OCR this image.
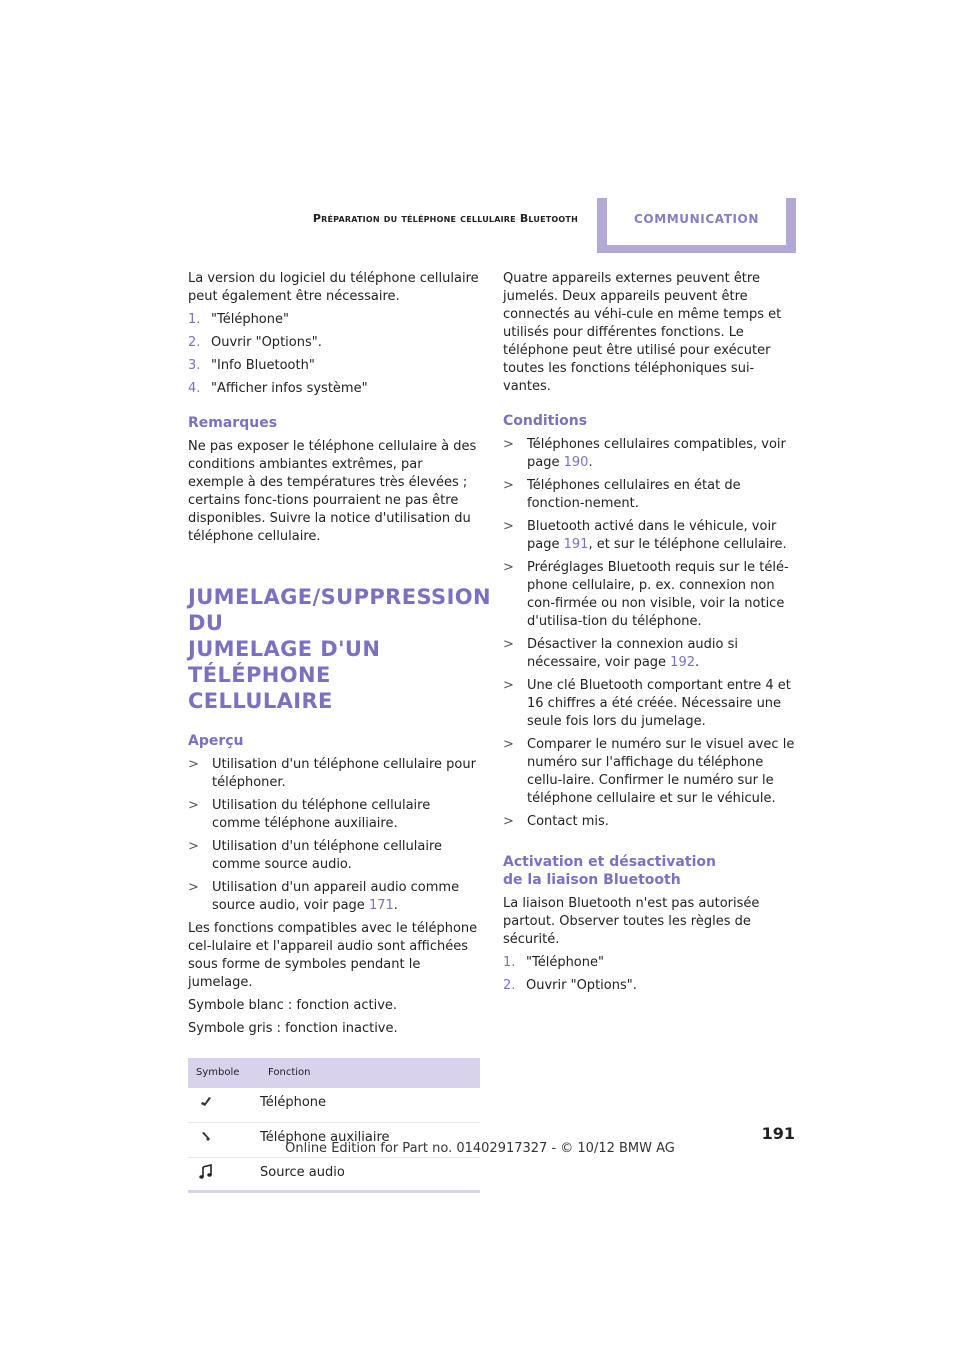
Préparation du téléphone cellulaire Bluetooth	COMMUNICATION

La version du logiciel du téléphone cellulaire peut également être nécessaire.

1. "Téléphone"
2. Ouvrir "Options".
3. "Info Bluetooth"
4. "Afficher infos système"
Remarques

Ne pas exposer le téléphone cellulaire à des conditions ambiantes extrêmes, par exemple à des températures très élevées ; certains fonc-tions pourraient ne pas être disponibles. Suivre la notice d'utilisation du téléphone cellulaire.

JUMELAGE/SUPPRESSION DU
JUMELAGE D'UN TÉLÉPHONE
CELLULAIRE
Aperçu
>	Utilisation d'un téléphone cellulaire pour téléphoner.
>	Utilisation du téléphone cellulaire comme téléphone auxiliaire.
>	Utilisation d'un téléphone cellulaire comme source audio.
>	Utilisation d'un appareil audio comme source audio, voir page 171.

Les fonctions compatibles avec le téléphone cel-lulaire et l'appareil audio sont affichées sous forme de symboles pendant le jumelage.

Symbole blanc : fonction active.

Symbole gris : fonction inactive.

Symbole	Fonction
Téléphone
Téléphone auxiliaire
Source audio

Quatre appareils externes peuvent être jumelés. Deux appareils peuvent être connectés au véhi-cule en même temps et utilisés pour différentes fonctions. Le téléphone peut être utilisé pour exécuter toutes les fonctions téléphoniques sui-vantes.

Conditions
>	Téléphones cellulaires compatibles, voir page 190.
>	Téléphones cellulaires en état de fonction-nement.
>	Bluetooth activé dans le véhicule, voir page 191, et sur le téléphone cellulaire.
>	Préréglages Bluetooth requis sur le télé-phone cellulaire, p. ex. connexion non con-firmée ou non visible, voir la notice d'utilisa-tion du téléphone.
>	Désactiver la connexion audio si nécessaire, voir page 192.
>	Une clé Bluetooth comportant entre 4 et 16 chiffres a été créée. Nécessaire une seule fois lors du jumelage.
>	Comparer le numéro sur le visuel avec le numéro sur l'affichage du téléphone cellu-laire. Confirmer le numéro sur le téléphone cellulaire et sur le véhicule.
>	Contact mis.
Activation et désactivation
de la liaison Bluetooth

La liaison Bluetooth n'est pas autorisée partout. Observer toutes les règles de sécurité.

1. "Téléphone"
2. Ouvrir "Options".
191
Online Edition for Part no. 01402917327 - © 10/12 BMW AG
